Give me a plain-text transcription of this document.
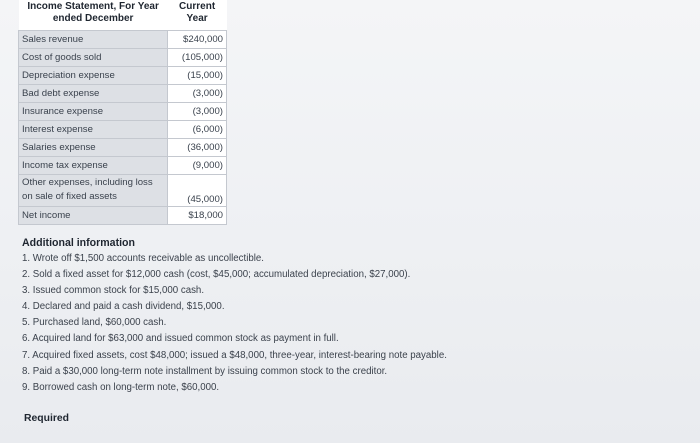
Income Statement, For Year
ended December	Current
Year
Sales revenue	$240,000
Cost of goods sold	(105,000)
Depreciation expense	(15,000)
Bad debt expense	(3,000)
Insurance expense	(3,000)
Interest expense	(6,000)
Salaries expense	(36,000)
Income tax expense	(9,000)
Other expenses, including loss
on sale of fixed assets	(45,000)
Net income	$18,000
Additional information
1. Wrote off $1,500 accounts receivable as uncollectible.
2. Sold a fixed asset for $12,000 cash (cost, $45,000; accumulated depreciation, $27,000).
3. Issued common stock for $15,000 cash.
4. Declared and paid a cash dividend, $15,000.
5. Purchased land, $60,000 cash.
6. Acquired land for $63,000 and issued common stock as payment in full.
7. Acquired fixed assets, cost $48,000; issued a $48,000, three-year, interest-bearing note payable.
8. Paid a $30,000 long-term note installment by issuing common stock to the creditor.
9. Borrowed cash on long-term note, $60,000.
Required
